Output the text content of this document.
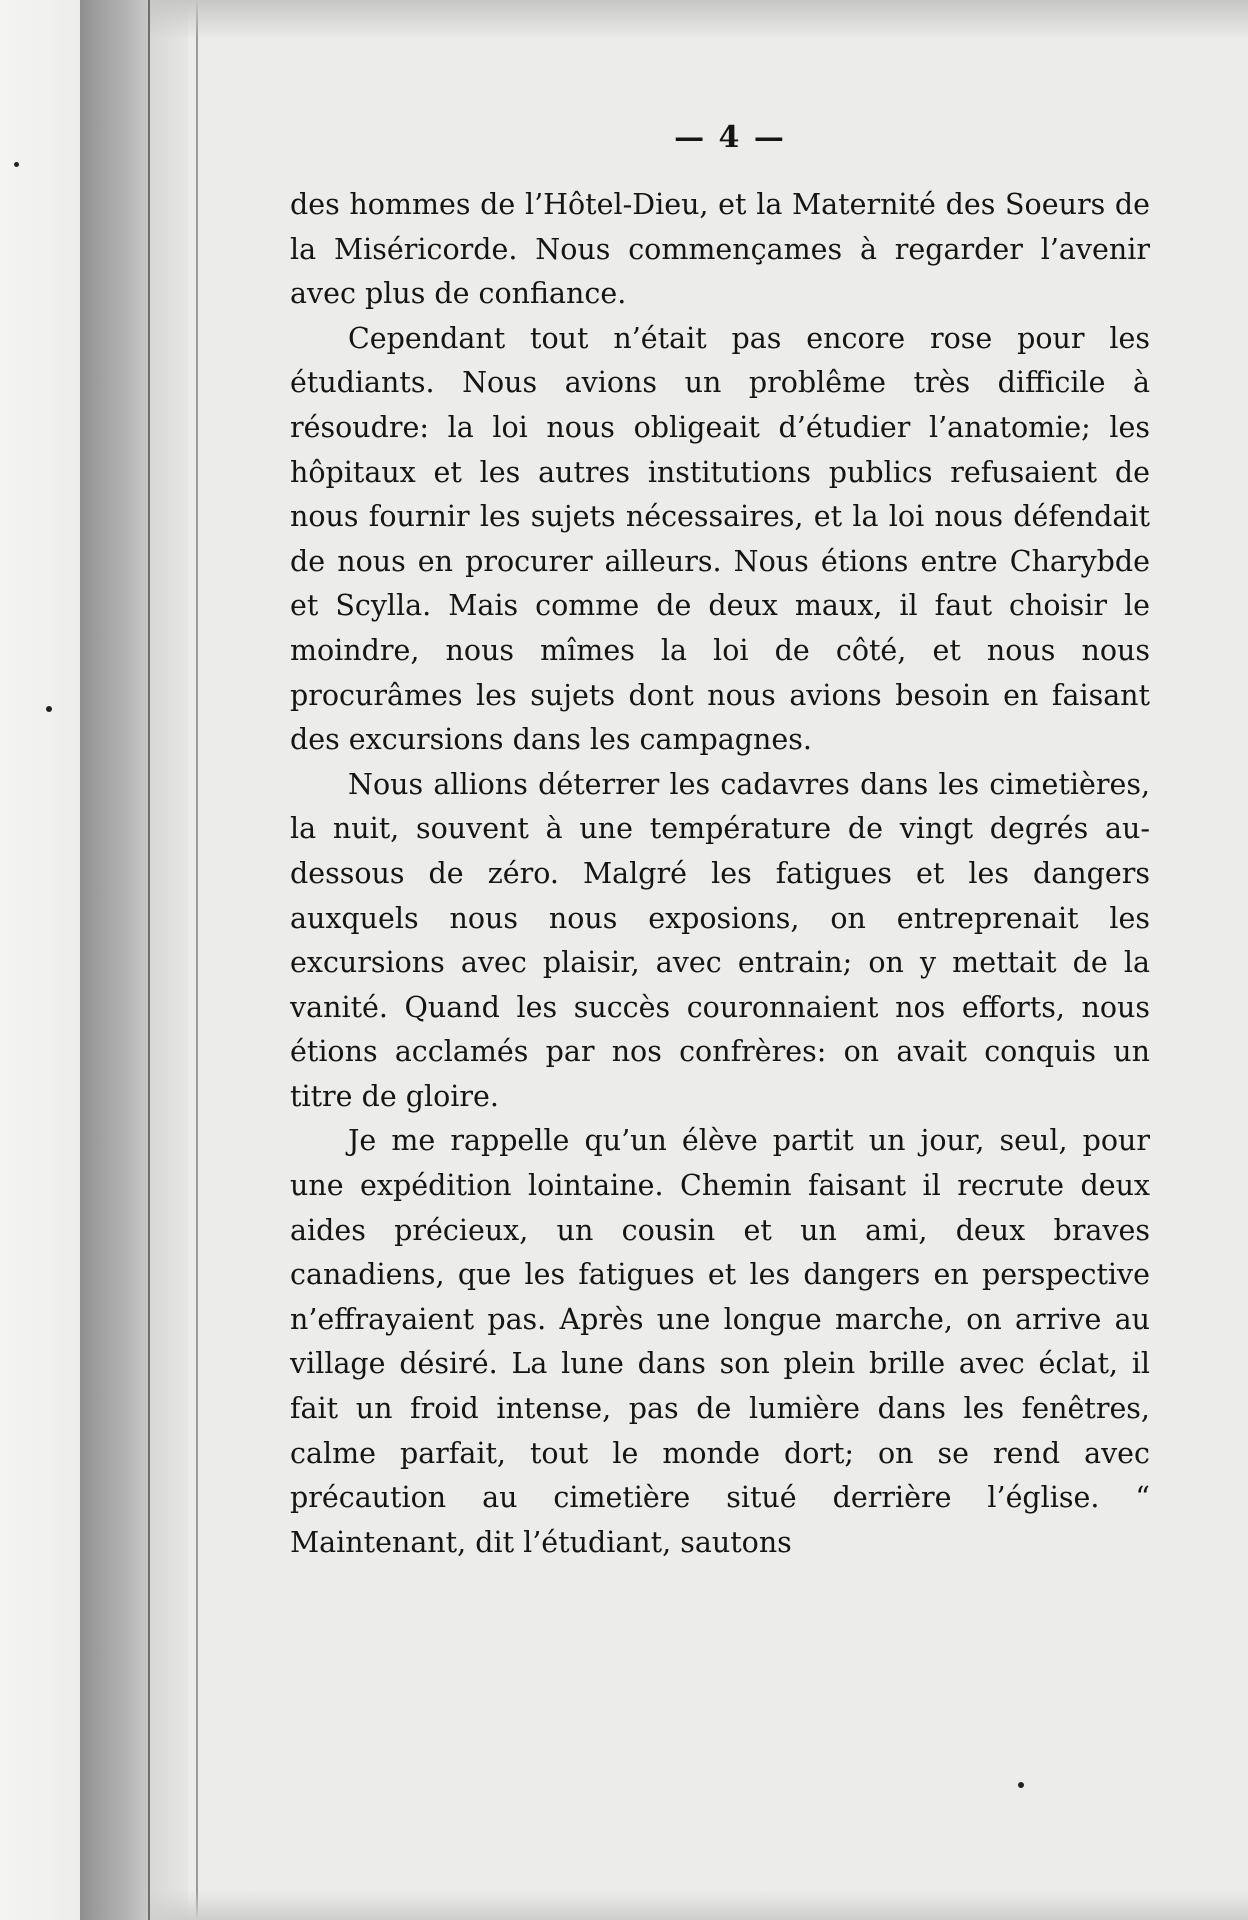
— 4 —

des hommes de l’Hôtel-Dieu, et la Maternité des Soeurs de la Miséricorde. Nous commençames à regarder l’avenir avec plus de confiance.

Cependant tout n’était pas encore rose pour les étudiants. Nous avions un problême très difficile à résoudre: la loi nous obligeait d’étudier l’anatomie; les hôpitaux et les autres institutions publics refusaient de nous fournir les sujets nécessaires, et la loi nous défendait de nous en procurer ailleurs. Nous étions entre Charybde et Scylla. Mais comme de deux maux, il faut choisir le moindre, nous mîmes la loi de côté, et nous nous procurâmes les sujets dont nous avions besoin en faisant des excursions dans les campagnes.

Nous allions déterrer les cadavres dans les cimetières, la nuit, souvent à une température de vingt degrés au-dessous de zéro. Malgré les fatigues et les dangers auxquels nous nous exposions, on entreprenait les excursions avec plaisir, avec entrain; on y mettait de la vanité. Quand les succès couronnaient nos efforts, nous étions acclamés par nos confrères: on avait conquis un titre de gloire.

Je me rappelle qu’un élève partit un jour, seul, pour une expédition lointaine. Chemin faisant il recrute deux aides précieux, un cousin et un ami, deux braves canadiens, que les fatigues et les dangers en perspective n’effrayaient pas. Après une longue marche, on arrive au village désiré. La lune dans son plein brille avec éclat, il fait un froid intense, pas de lumière dans les fenêtres, calme parfait, tout le monde dort; on se rend avec précaution au cimetière situé derrière l’église. “ Maintenant, dit l’étudiant, sautons
